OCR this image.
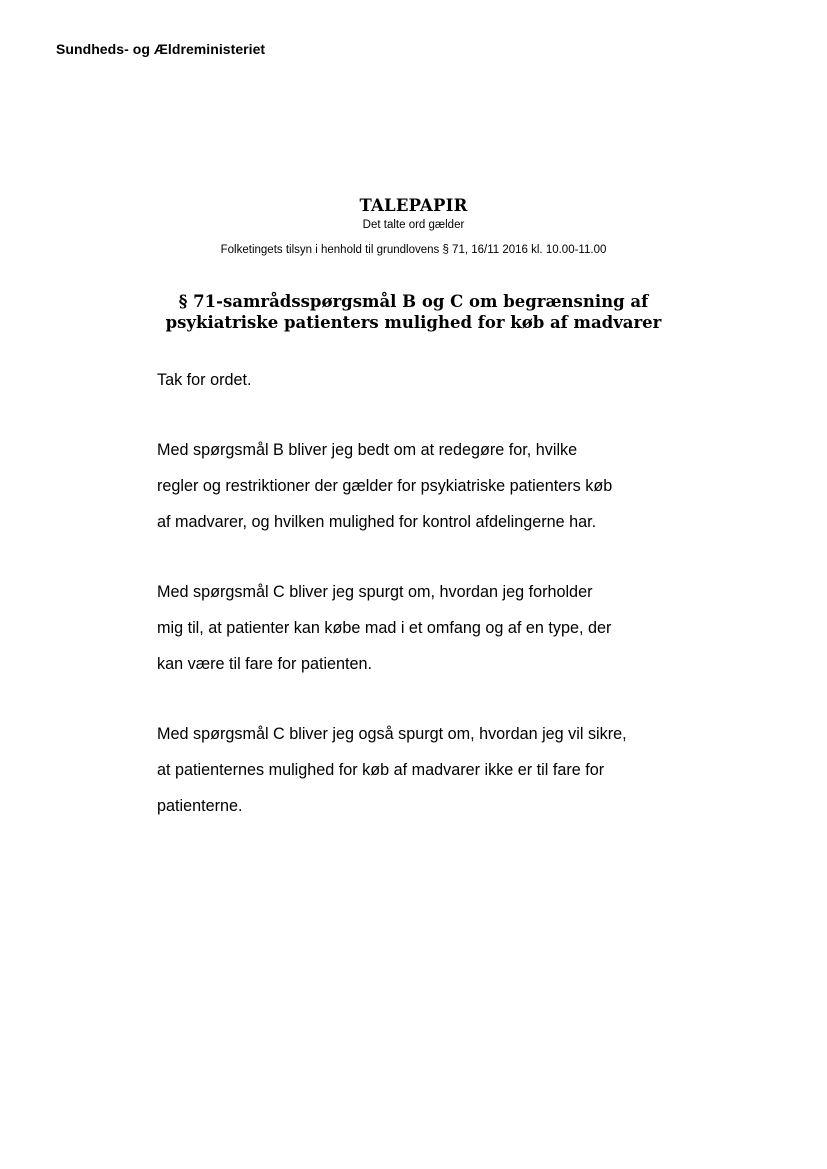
Sundheds- og Ældreministeriet
TALEPAPIR
Det talte ord gælder
Folketingets tilsyn i henhold til grundlovens § 71, 16/11 2016 kl. 10.00-11.00
§ 71-samrådsspørgsmål B og C om begrænsning af
psykiatriske patienters mulighed for køb af madvarer
Tak for ordet.
Med spørgsmål B bliver jeg bedt om at redegøre for, hvilke
regler og restriktioner der gælder for psykiatriske patienters køb
af madvarer, og hvilken mulighed for kontrol afdelingerne har.
Med spørgsmål C bliver jeg spurgt om, hvordan jeg forholder
mig til, at patienter kan købe mad i et omfang og af en type, der
kan være til fare for patienten.
Med spørgsmål C bliver jeg også spurgt om, hvordan jeg vil sikre,
at patienternes mulighed for køb af madvarer ikke er til fare for
patienterne.
